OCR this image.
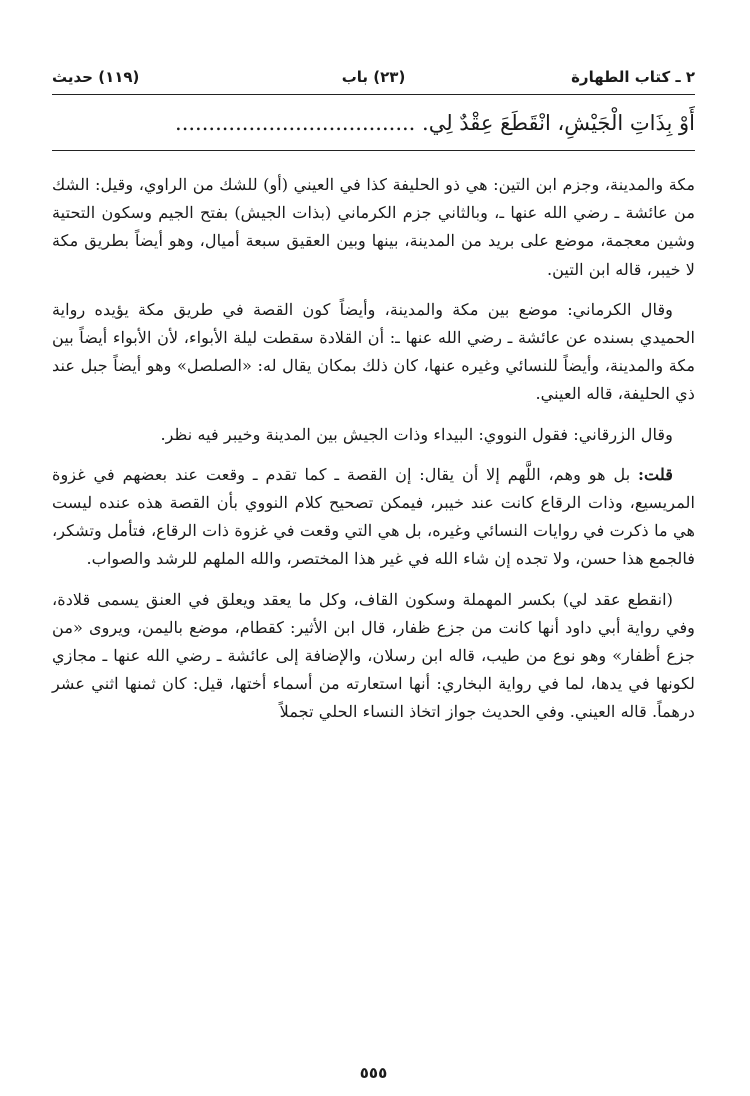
٢ ـ كتاب الطهارة
(٢٣) باب
(١١٩) حديث
أَوْ بِذَاتِ الْجَيْشِ، انْقَطَعَ عِقْدٌ لِي. ....................................

مكة والمدينة، وجزم ابن التين: هي ذو الحليفة كذا في العيني (أو) للشك من الراوي، وقيل: الشك من عائشة ـ رضي الله عنها ـ، وبالثاني جزم الكرماني (بذات الجيش) بفتح الجيم وسكون التحتية وشين معجمة، موضع على بريد من المدينة، بينها وبين العقيق سبعة أميال، وهو أيضاً بطريق مكة لا خيبر، قاله ابن التين.

وقال الكرماني: موضع بين مكة والمدينة، وأيضاً كون القصة في طريق مكة يؤيده رواية الحميدي بسنده عن عائشة ـ رضي الله عنها ـ: أن القلادة سقطت ليلة الأبواء، لأن الأبواء أيضاً بين مكة والمدينة، وأيضاً للنسائي وغيره عنها، كان ذلك بمكان يقال له: «الصلصل» وهو أيضاً جبل عند ذي الحليفة، قاله العيني.

وقال الزرقاني: فقول النووي: البيداء وذات الجيش بين المدينة وخيبر فيه نظر.

قلت: بل هو وهم، اللَّهم إلا أن يقال: إن القصة ـ كما تقدم ـ وقعت عند بعضهم في غزوة المريسيع، وذات الرقاع كانت عند خيبر، فيمكن تصحيح كلام النووي بأن القصة هذه عنده ليست هي ما ذكرت في روايات النسائي وغيره، بل هي التي وقعت في غزوة ذات الرقاع، فتأمل وتشكر، فالجمع هذا حسن، ولا تجده إن شاء الله في غير هذا المختصر، والله الملهم للرشد والصواب.

(انقطع عقد لي) بكسر المهملة وسكون القاف، وكل ما يعقد ويعلق في العنق يسمى قلادة، وفي رواية أبي داود أنها كانت من جزع ظفار، قال ابن الأثير: كقطام، موضع باليمن، ويروى «من جزع أظفار» وهو نوع من طيب، قاله ابن رسلان، والإضافة إلى عائشة ـ رضي الله عنها ـ مجازي لكونها في يدها، لما في رواية البخاري: أنها استعارته من أسماء أختها، قيل: كان ثمنها اثني عشر درهماً. قاله العيني. وفي الحديث جواز اتخاذ النساء الحلي تجملاً

٥٥٥
